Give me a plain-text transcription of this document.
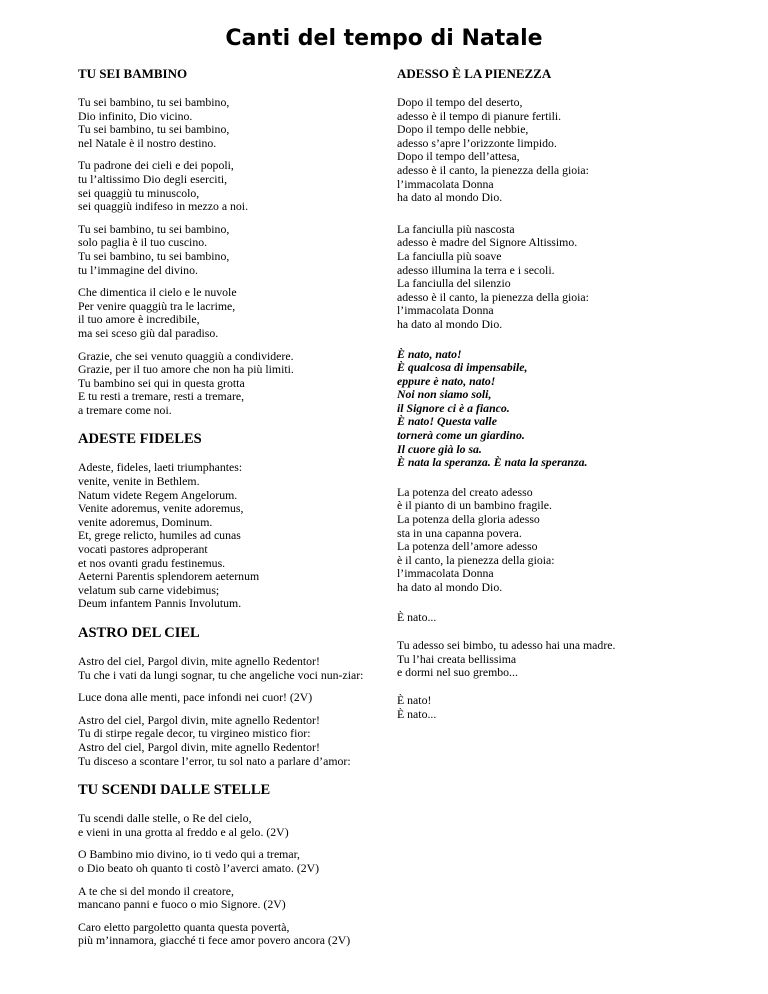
Canti del tempo di Natale
TU SEI BAMBINO

Tu sei bambino, tu sei bambino,
Dio infinito, Dio vicino.
Tu sei bambino, tu sei bambino,
nel Natale è il nostro destino.

Tu padrone dei cieli e dei popoli,
tu l’altissimo Dio degli eserciti,
sei quaggiù tu minuscolo,
sei quaggiù indifeso in mezzo a noi.

Tu sei bambino, tu sei bambino,
solo paglia è il tuo cuscino.
Tu sei bambino, tu sei bambino,
tu l’immagine del divino.

Che dimentica il cielo e le nuvole
Per venire quaggiù tra le lacrime,
il tuo amore è incredibile,
ma sei sceso giù dal paradiso.

Grazie, che sei venuto quaggiù a condividere.
Grazie, per il tuo amore che non ha più limiti.
Tu bambino sei qui in questa grotta
E tu resti a tremare, resti a tremare,
a tremare come noi.

ADESTE FIDELES

Adeste, fideles, laeti triumphantes:
venite, venite in Bethlem.
Natum videte Regem Angelorum.
Venite adoremus, venite adoremus,
venite adoremus, Dominum.
Et, grege relicto, humiles ad cunas
vocati pastores adproperant
et nos ovanti gradu festinemus.
Aeterni Parentis splendorem aeternum
velatum sub carne videbimus;
Deum infantem Pannis Involutum.

ASTRO DEL CIEL

Astro del ciel, Pargol divin, mite agnello Redentor!
Tu che i vati da lungi sognar, tu che angeliche voci nun-ziar:

Luce dona alle menti, pace infondi nei cuor! (2V)

Astro del ciel, Pargol divin, mite agnello Redentor!
Tu di stirpe regale decor, tu virgineo mistico fior:
Astro del ciel, Pargol divin, mite agnello Redentor!
Tu disceso a scontare l’error, tu sol nato a parlare d’amor:

TU SCENDI DALLE STELLE

Tu scendi dalle stelle, o Re del cielo,
e vieni in una grotta al freddo e al gelo. (2V)

O Bambino mio divino, io ti vedo qui a tremar,
o Dio beato oh quanto ti costò l’averci amato. (2V)

A te che si del mondo il creatore,
mancano panni e fuoco o mio Signore. (2V)

Caro eletto pargoletto quanta questa povertà,
più m’innamora, giacché ti fece amor povero ancora (2V)

ADESSO È LA PIENEZZA

Dopo il tempo del deserto,
adesso è il tempo di pianure fertili.
Dopo il tempo delle nebbie,
adesso s’apre l’orizzonte limpido.
Dopo il tempo dell’attesa,
adesso è il canto, la pienezza della gioia:
l’immacolata Donna
ha dato al mondo Dio.

La fanciulla più nascosta
adesso è madre del Signore Altissimo.
La fanciulla più soave
adesso illumina la terra e i secoli.
La fanciulla del silenzio
adesso è il canto, la pienezza della gioia:
l’immacolata Donna
ha dato al mondo Dio.

È nato, nato!
È qualcosa di impensabile,
eppure è nato, nato!
Noi non siamo soli,
il Signore ci è a fianco.
È nato! Questa valle
tornerà come un giardino.
Il cuore già lo sa.
È nata la speranza. È nata la speranza.

La potenza del creato adesso
è il pianto di un bambino fragile.
La potenza della gloria adesso
sta in una capanna povera.
La potenza dell’amore adesso
è il canto, la pienezza della gioia:
l’immacolata Donna
ha dato al mondo Dio.

È nato...

Tu adesso sei bimbo, tu adesso hai una madre.
Tu l’hai creata bellissima
e dormi nel suo grembo...

È nato!
È nato...
